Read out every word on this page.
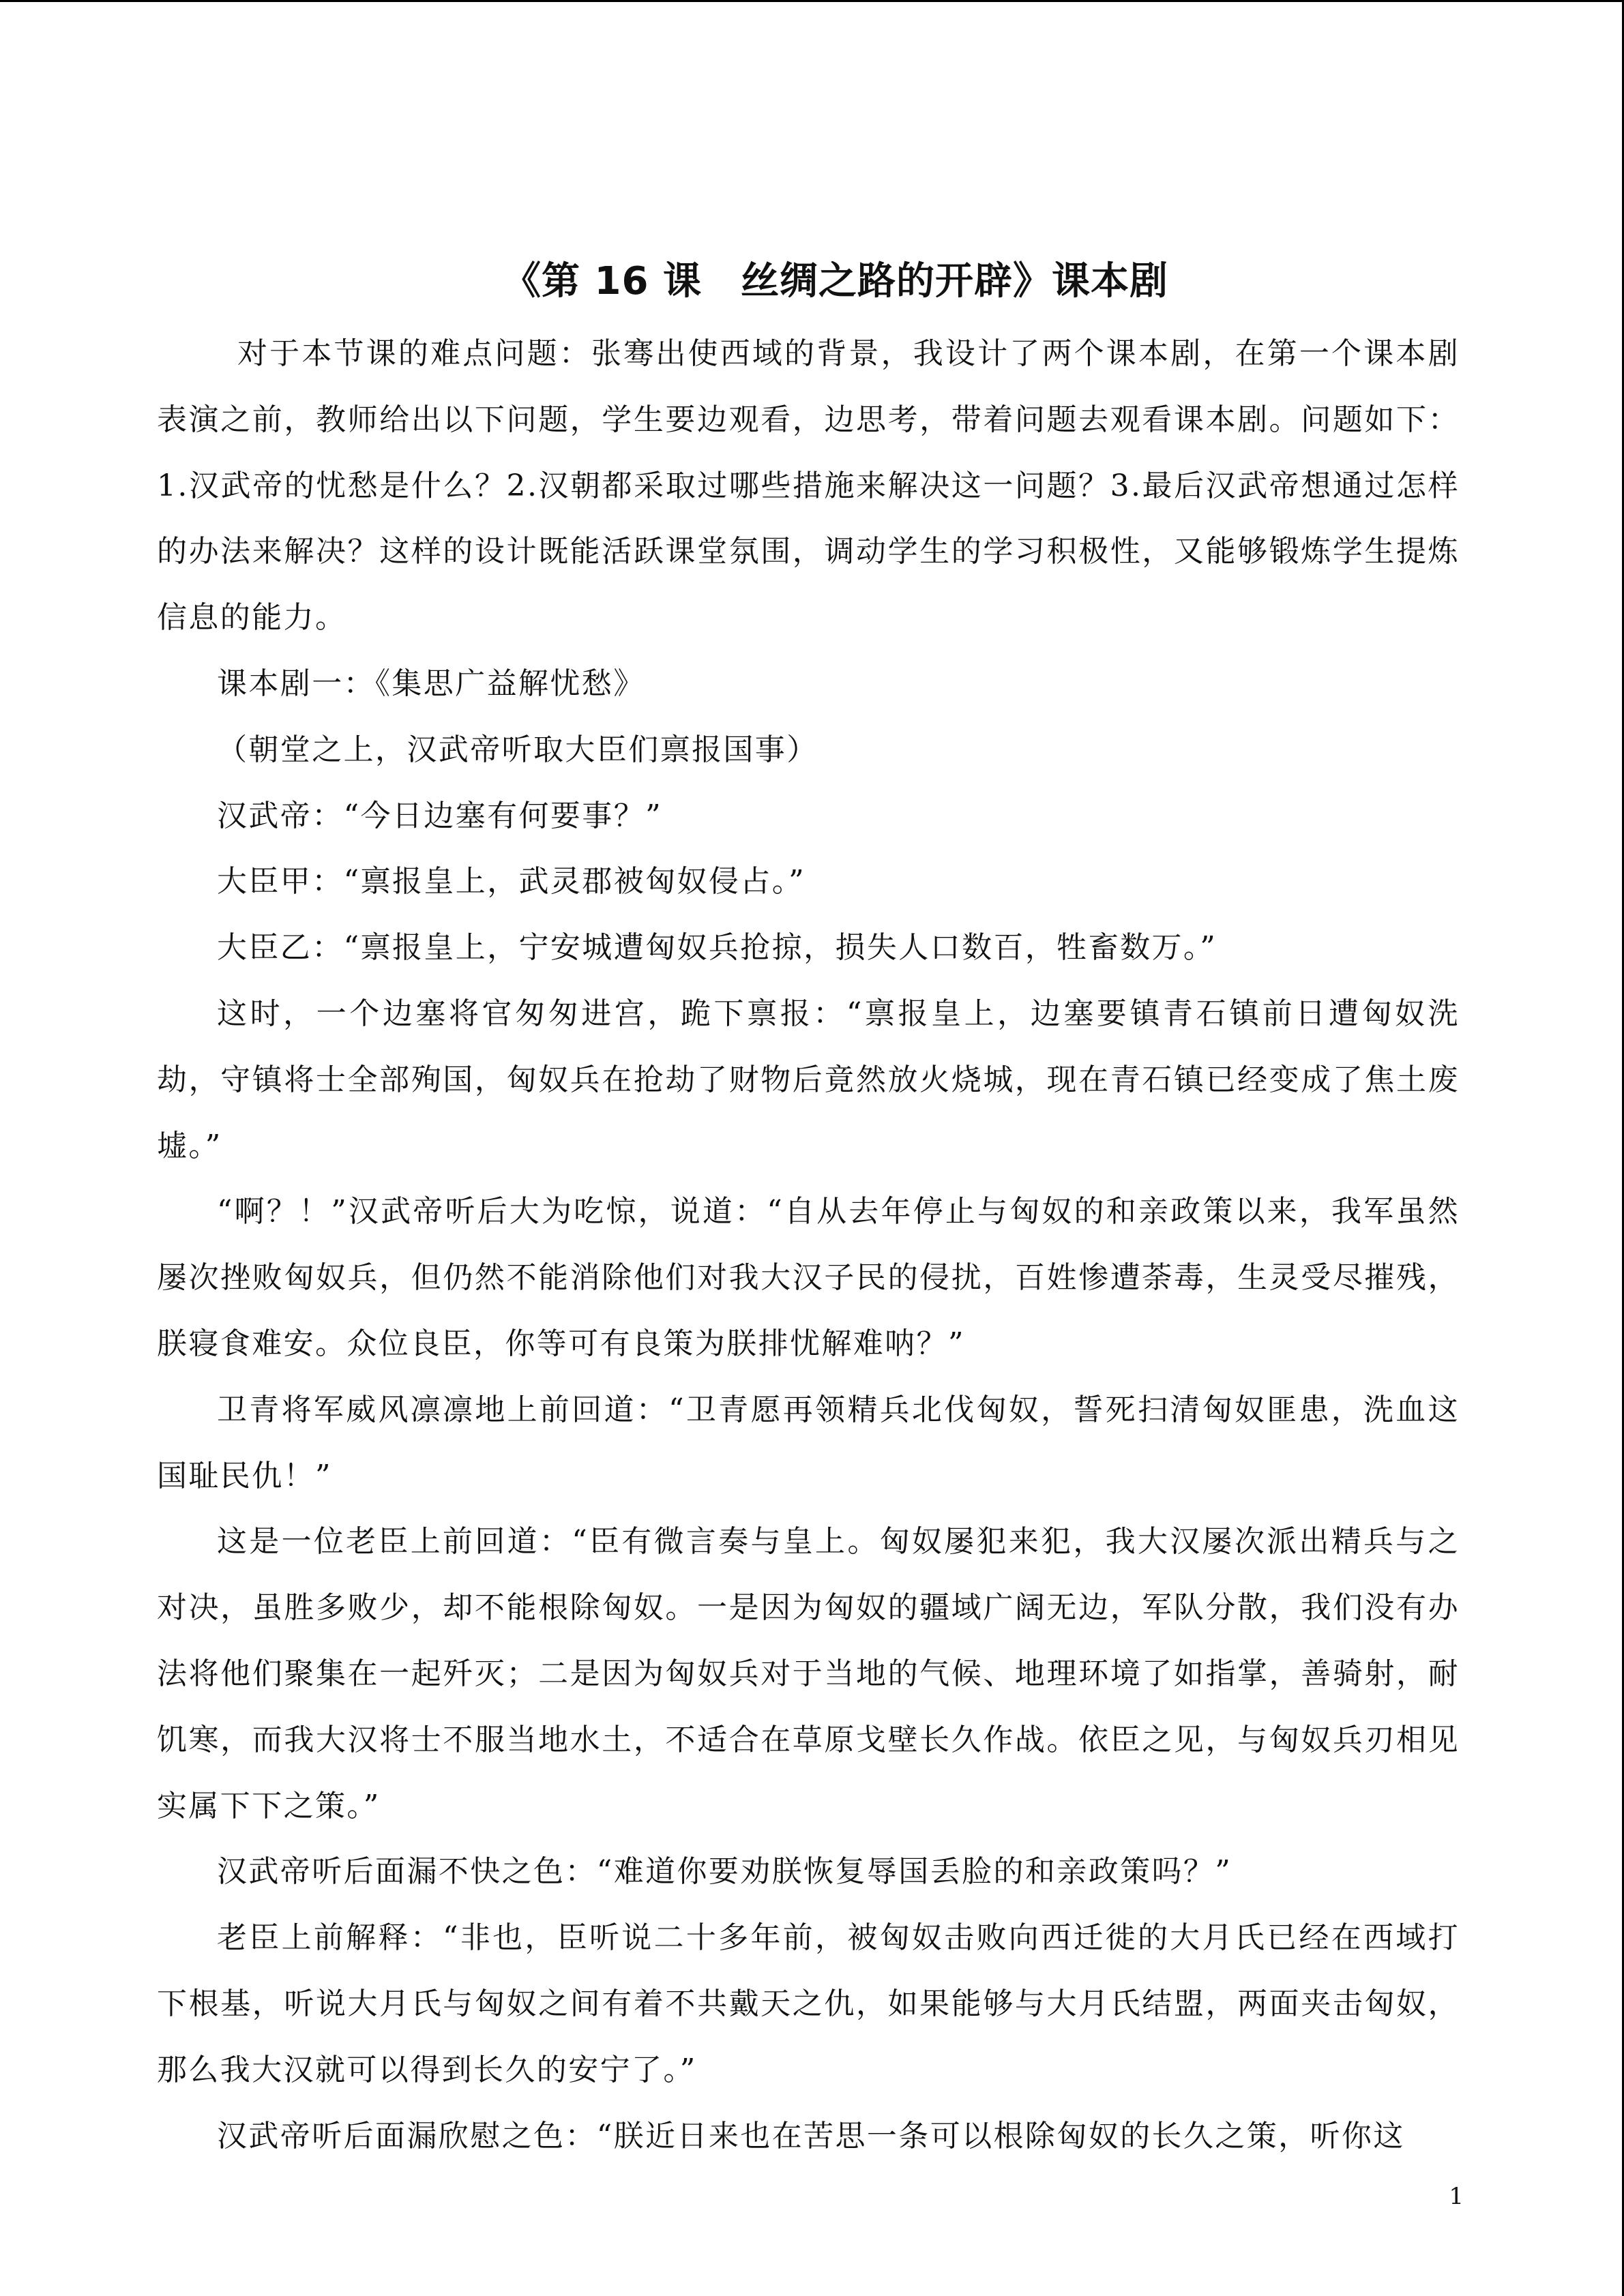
《第 16 课　丝绸之路的开辟》课本剧

对于本节课的难点问题：张骞出使西域的背景，我设计了两个课本剧，在第一个课本剧表演之前，教师给出以下问题，学生要边观看，边思考，带着问题去观看课本剧。问题如下：1.汉武帝的忧愁是什么？2.汉朝都采取过哪些措施来解决这一问题？3.最后汉武帝想通过怎样的办法来解决？这样的设计既能活跃课堂氛围，调动学生的学习积极性，又能够锻炼学生提炼信息的能力。

课本剧一：《集思广益解忧愁》

（朝堂之上，汉武帝听取大臣们禀报国事）

汉武帝：“今日边塞有何要事？”

大臣甲：“禀报皇上，武灵郡被匈奴侵占。”

大臣乙：“禀报皇上，宁安城遭匈奴兵抢掠，损失人口数百，牲畜数万。”

这时，一个边塞将官匆匆进宫，跪下禀报：“禀报皇上，边塞要镇青石镇前日遭匈奴洗劫，守镇将士全部殉国，匈奴兵在抢劫了财物后竟然放火烧城，现在青石镇已经变成了焦土废墟。”

“啊？！”汉武帝听后大为吃惊，说道：“自从去年停止与匈奴的和亲政策以来，我军虽然屡次挫败匈奴兵，但仍然不能消除他们对我大汉子民的侵扰，百姓惨遭荼毒，生灵受尽摧残，朕寝食难安。众位良臣，你等可有良策为朕排忧解难呐？”

卫青将军威风凛凛地上前回道：“卫青愿再领精兵北伐匈奴，誓死扫清匈奴匪患，洗血这国耻民仇！”

这是一位老臣上前回道：“臣有微言奏与皇上。匈奴屡犯来犯，我大汉屡次派出精兵与之对决，虽胜多败少，却不能根除匈奴。一是因为匈奴的疆域广阔无边，军队分散，我们没有办法将他们聚集在一起歼灭；二是因为匈奴兵对于当地的气候、地理环境了如指掌，善骑射，耐饥寒，而我大汉将士不服当地水土，不适合在草原戈壁长久作战。依臣之见，与匈奴兵刃相见实属下下之策。”

汉武帝听后面漏不快之色：“难道你要劝朕恢复辱国丢脸的和亲政策吗？”

老臣上前解释：“非也，臣听说二十多年前，被匈奴击败向西迁徙的大月氏已经在西域打下根基，听说大月氏与匈奴之间有着不共戴天之仇，如果能够与大月氏结盟，两面夹击匈奴，那么我大汉就可以得到长久的安宁了。”

汉武帝听后面漏欣慰之色：“朕近日来也在苦思一条可以根除匈奴的长久之策，听你这

1
